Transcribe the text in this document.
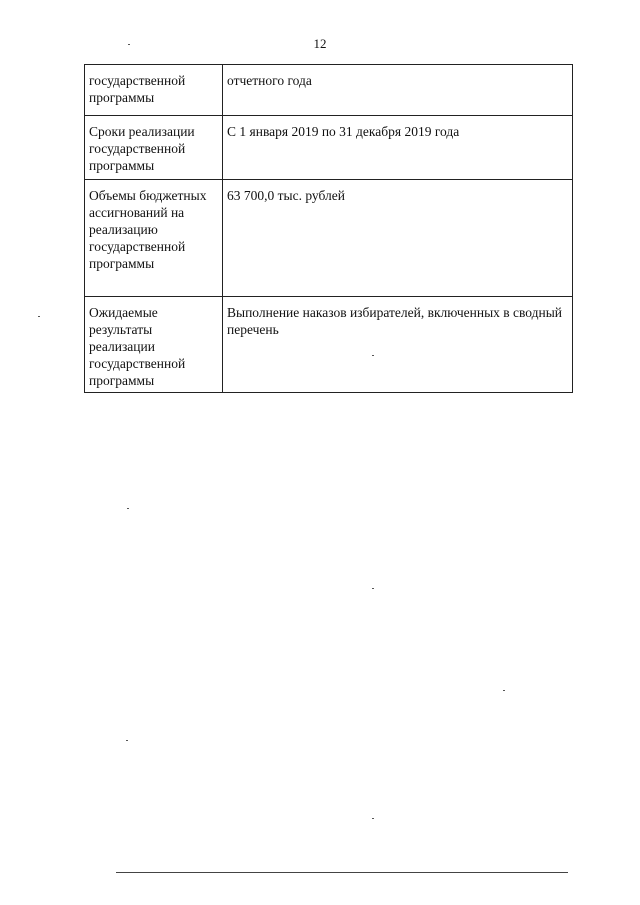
12
государственной программы	отчетного года
Сроки реализации государственной программы	С 1 января 2019 по 31 декабря 2019 года
Объемы бюджетных ассигнований на реализацию государственной программы	63 700,0 тыс. рублей
Ожидаемые результаты реализации государственной программы	Выполнение наказов избирателей, включенных в сводный перечень
